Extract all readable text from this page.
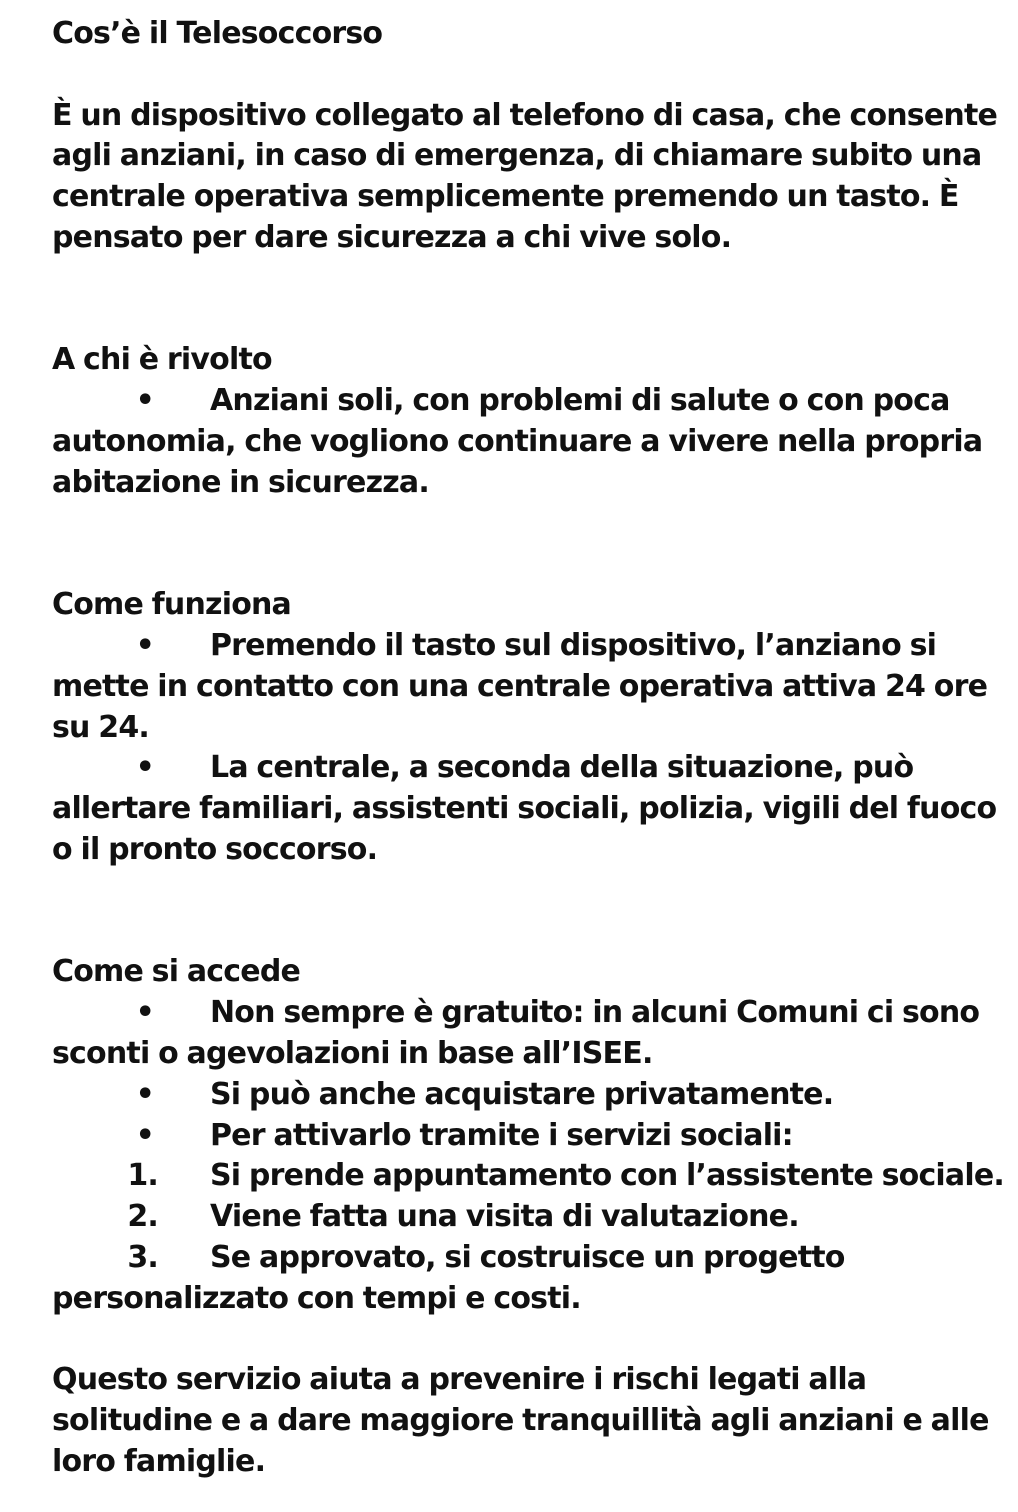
Cos’è il Telesoccorso
È un dispositivo collegato al telefono di casa, che consente
agli anziani, in caso di emergenza, di chiamare subito una
centrale operativa semplicemente premendo un tasto. È
pensato per dare sicurezza a chi vive solo.
A chi è rivolto
• Anziani soli, con problemi di salute o con poca
autonomia, che vogliono continuare a vivere nella propria
abitazione in sicurezza.
Come funziona
• Premendo il tasto sul dispositivo, l’anziano si
mette in contatto con una centrale operativa attiva 24 ore
su 24.
• La centrale, a seconda della situazione, può
allertare familiari, assistenti sociali, polizia, vigili del fuoco
o il pronto soccorso.
Come si accede
• Non sempre è gratuito: in alcuni Comuni ci sono
sconti o agevolazioni in base all’ISEE.
• Si può anche acquistare privatamente.
• Per attivarlo tramite i servizi sociali:
1. Si prende appuntamento con l’assistente sociale.
2. Viene fatta una visita di valutazione.
3. Se approvato, si costruisce un progetto
personalizzato con tempi e costi.
Questo servizio aiuta a prevenire i rischi legati alla
solitudine e a dare maggiore tranquillità agli anziani e alle
loro famiglie.
